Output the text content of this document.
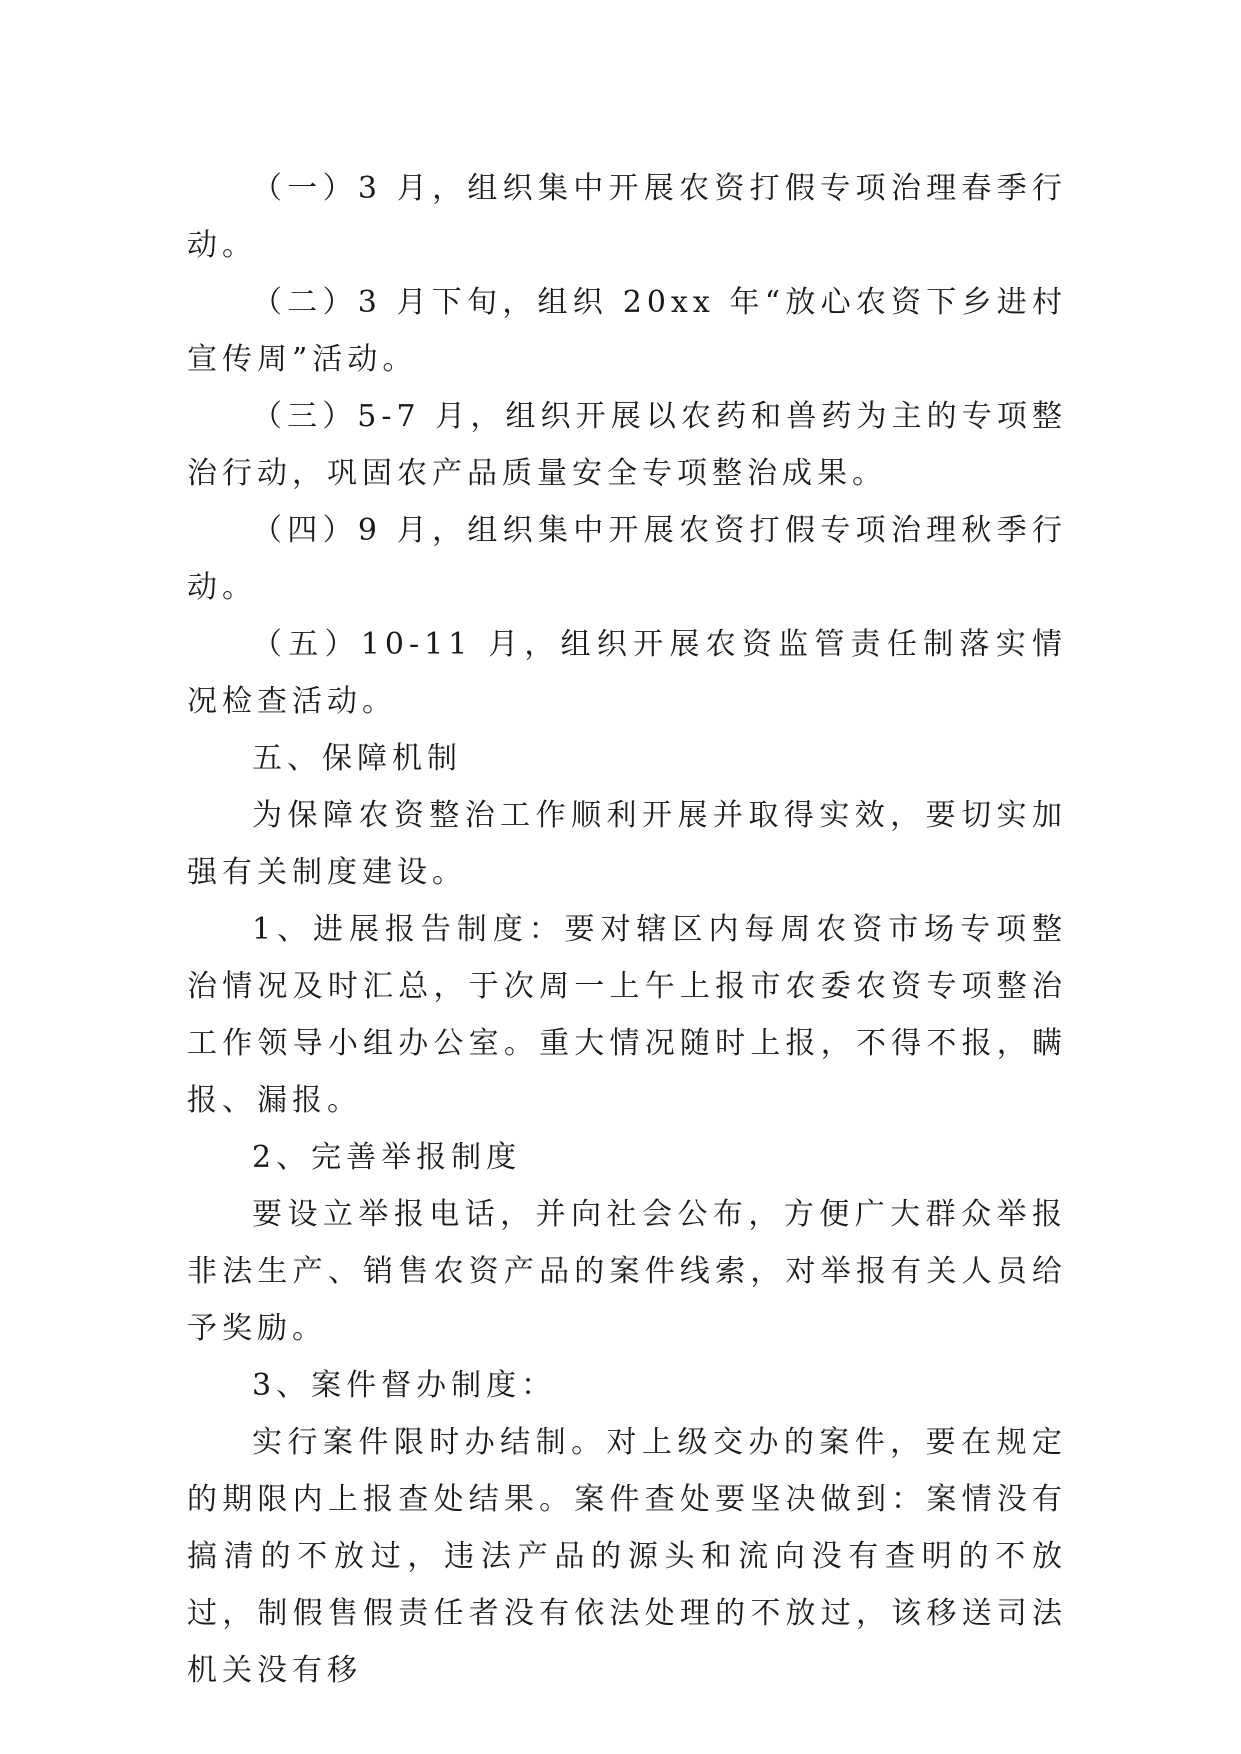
（一）3 月，组织集中开展农资打假专项治理春季行动。

（二）3 月下旬，组织 20xx 年“放心农资下乡进村宣传周”活动。

（三）5-7 月，组织开展以农药和兽药为主的专项整治行动，巩固农产品质量安全专项整治成果。

（四）9 月，组织集中开展农资打假专项治理秋季行动。

（五）10-11 月，组织开展农资监管责任制落实情况检查活动。

五、保障机制

为保障农资整治工作顺利开展并取得实效，要切实加强有关制度建设。

1、进展报告制度：要对辖区内每周农资市场专项整治情况及时汇总，于次周一上午上报市农委农资专项整治工作领导小组办公室。重大情况随时上报，不得不报，瞒报、漏报。

2、完善举报制度

要设立举报电话，并向社会公布，方便广大群众举报非法生产、销售农资产品的案件线索，对举报有关人员给予奖励。

3、案件督办制度：

实行案件限时办结制。对上级交办的案件，要在规定的期限内上报查处结果。案件查处要坚决做到：案情没有搞清的不放过，违法产品的源头和流向没有查明的不放过，制假售假责任者没有依法处理的不放过，该移送司法机关没有移
